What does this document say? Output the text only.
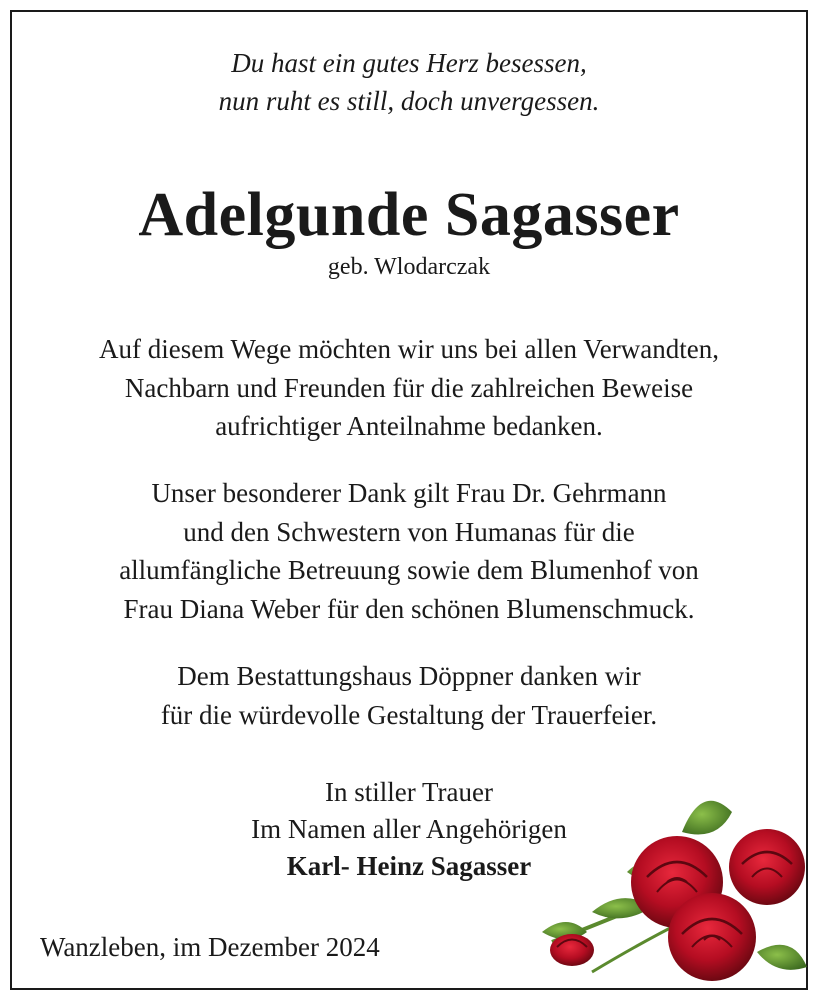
Du hast ein gutes Herz besessen,
nun ruht es still, doch unvergessen.
Adelgunde Sagasser
geb. Wlodarczak
Auf diesem Wege möchten wir uns bei allen Verwandten,
Nachbarn und Freunden für die zahlreichen Beweise
aufrichtiger Anteilnahme bedanken.
Unser besonderer Dank gilt Frau Dr. Gehrmann
und den Schwestern von Humanas für die
allumfängliche Betreuung sowie dem Blumenhof von
Frau Diana Weber für den schönen Blumenschmuck.
Dem Bestattungshaus Döppner danken wir
für die würdevolle Gestaltung der Trauerfeier.
In stiller Trauer
Im Namen aller Angehörigen
Karl- Heinz Sagasser
Wanzleben, im Dezember 2024
